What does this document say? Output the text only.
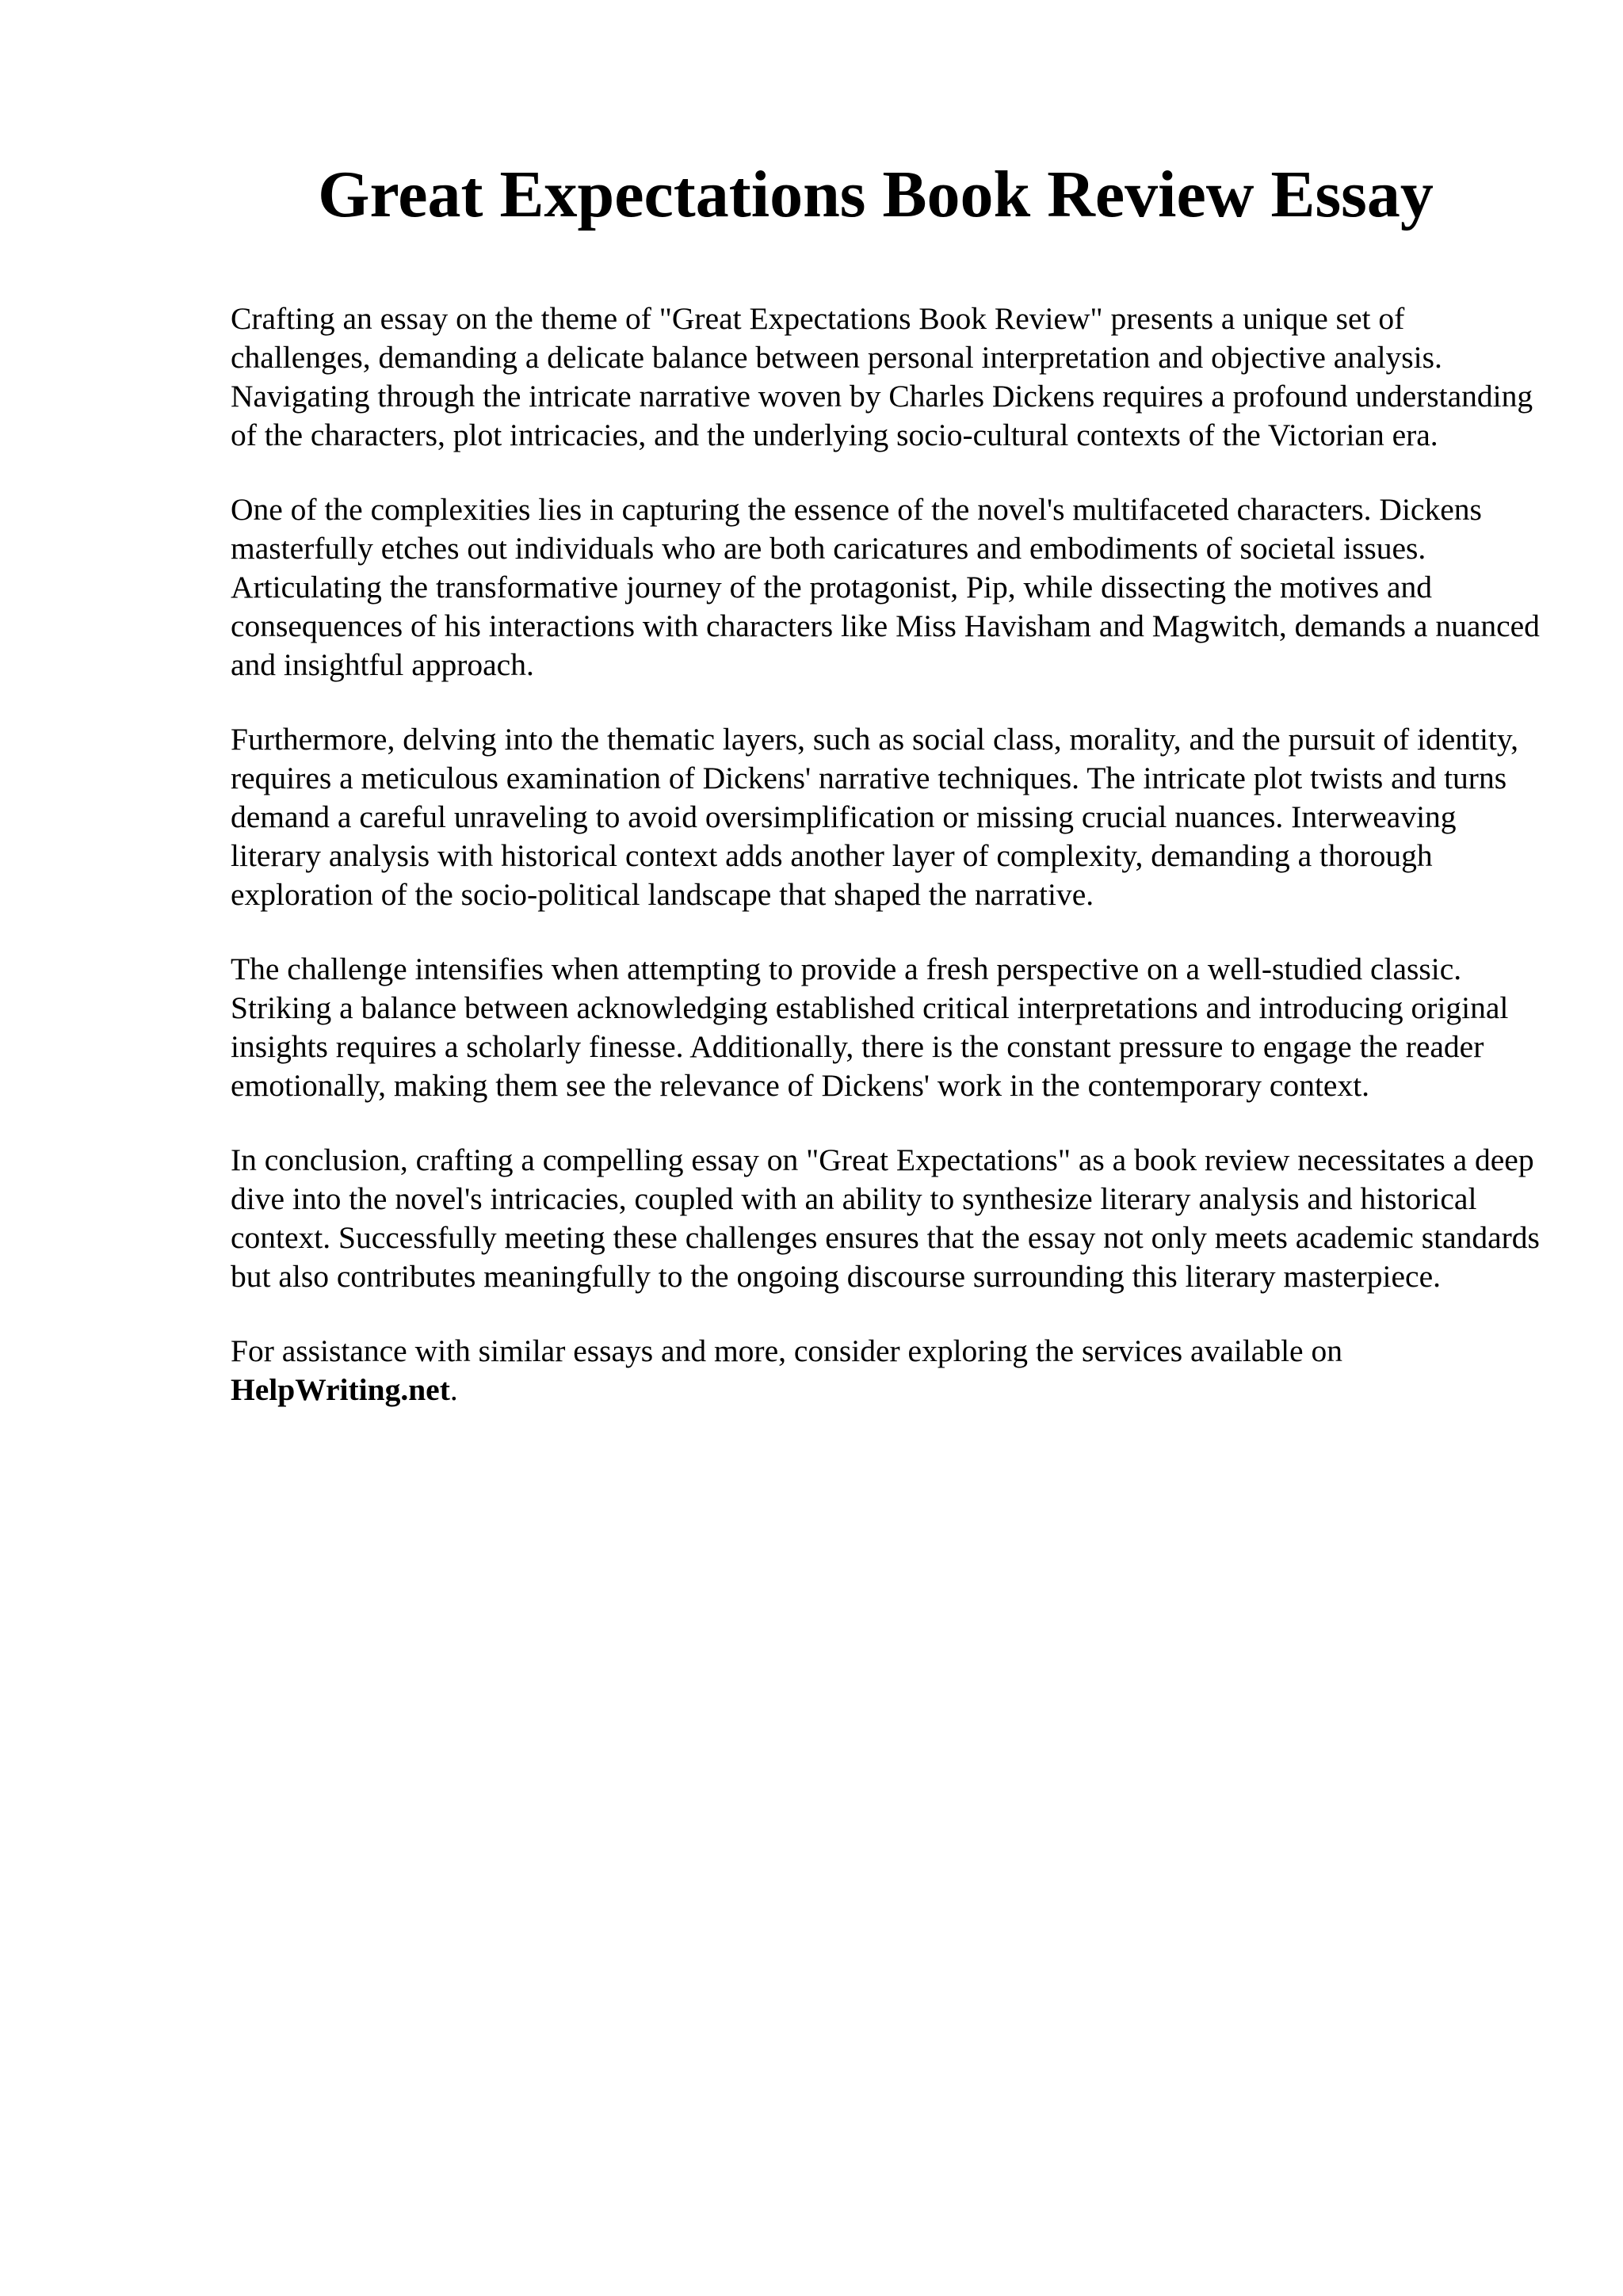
Great Expectations Book Review Essay

Crafting an essay on the theme of "Great Expectations Book Review" presents a unique set of challenges, demanding a delicate balance between personal interpretation and objective analysis. Navigating through the intricate narrative woven by Charles Dickens requires a profound understanding of the characters, plot intricacies, and the underlying socio-cultural contexts of the Victorian era.

One of the complexities lies in capturing the essence of the novel's multifaceted characters. Dickens masterfully etches out individuals who are both caricatures and embodiments of societal issues. Articulating the transformative journey of the protagonist, Pip, while dissecting the motives and consequences of his interactions with characters like Miss Havisham and Magwitch, demands a nuanced and insightful approach.

Furthermore, delving into the thematic layers, such as social class, morality, and the pursuit of identity, requires a meticulous examination of Dickens' narrative techniques. The intricate plot twists and turns demand a careful unraveling to avoid oversimplification or missing crucial nuances. Interweaving literary analysis with historical context adds another layer of complexity, demanding a thorough exploration of the socio-political landscape that shaped the narrative.

The challenge intensifies when attempting to provide a fresh perspective on a well-studied classic. Striking a balance between acknowledging established critical interpretations and introducing original insights requires a scholarly finesse. Additionally, there is the constant pressure to engage the reader emotionally, making them see the relevance of Dickens' work in the contemporary context.

In conclusion, crafting a compelling essay on "Great Expectations" as a book review necessitates a deep dive into the novel's intricacies, coupled with an ability to synthesize literary analysis and historical context. Successfully meeting these challenges ensures that the essay not only meets academic standards but also contributes meaningfully to the ongoing discourse surrounding this literary masterpiece.

For assistance with similar essays and more, consider exploring the services available on HelpWriting.net.
